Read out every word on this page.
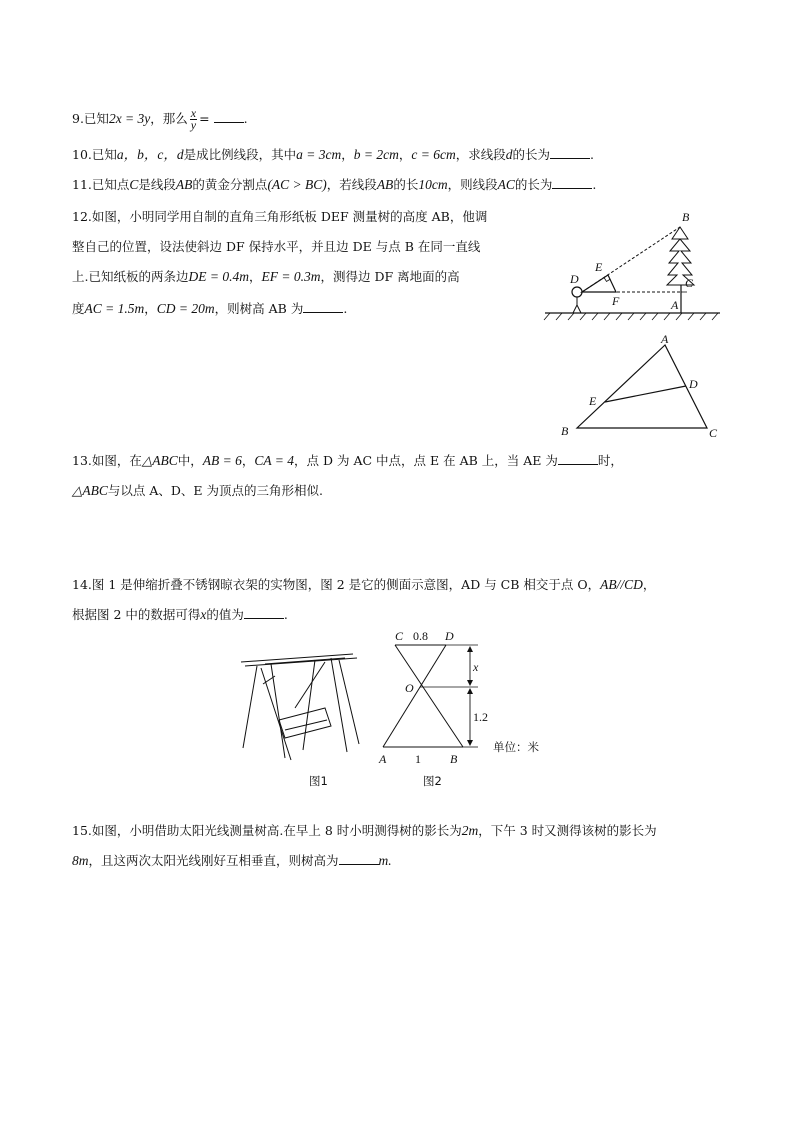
9.已知2x = 3y，那么 $\frac{x}{y}$ =	.
10.已知a，b，c，d是成比例线段，其中a = 3cm，b = 2cm，c = 6cm，求线段d的长为	.
11.已知点C是线段AB的黄金分割点(AC > BC)，若线段AB的长10cm，则线段AC的长为	.
12.如图，小明同学用自制的直角三角形纸板 DEF 测量树的高度 AB，他调
整自己的位置，设法使斜边 DF 保持水平，并且边 DE 与点 B 在同一直线
上.已知纸板的两条边DE = 0.4m，EF = 0.3m，测得边 DF 离地面的高
度AC = 1.5m，CD = 20m，则树高 AB 为	.
B
E
D
F
C
A
A
D
E
B	C
13.如图，在△ABC中，AB = 6，CA = 4，点 D 为 AC 中点，点 E 在 AB 上，当 AE 为	时，
△ABC与以点 A、D、E 为顶点的三角形相似.
14.图 1 是伸缩折叠不锈钢晾衣架的实物图，图 2 是它的侧面示意图，AD 与 CB 相交于点 O，AB//CD，
根据图 2 中的数据可得x的值为	.
图1
C 0.8 D
x
O
1.2
A 1 B
单位：米
图2
15.如图，小明借助太阳光线测量树高.在早上 8 时小明测得树的影长为2m，下午 3 时又测得该树的影长为
8m，且这两次太阳光线刚好互相垂直，则树高为	m.
